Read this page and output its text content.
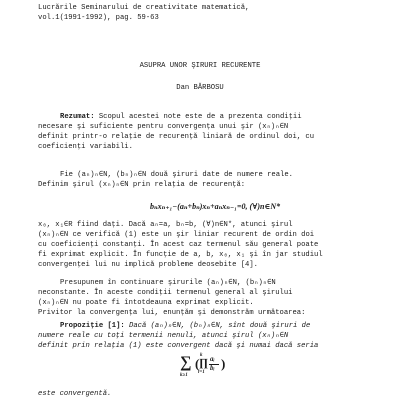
Lucrările Seminarului de creativitate matematică,
vol.1(1991-1992), pag. 59-63
ASUPRA UNOR ŞIRURI RECURENTE
Dan BĂRBOSU
Rezumat: Scopul acestei note este de a prezenta condiţii
necesare şi suficiente pentru convergenţa unui şir (xₙ)ₙ∈N
definit printr-o relaţie de recurenţă liniară de ordinul doi, cu
coeficienţi variabili.
Fie (aₙ)ₙ∈N, (bₙ)ₙ∈N două şiruri date de numere reale.
Definim şirul (xₙ)ₙ∈N prin relaţia de recurenţă:
bₙxₙ₊₁−(aₙ+bₙ)xₙ+aₙxₙ₋₁=0, (∀)n∈N*
x₀, x₁∈R fiind daţi. Dacă aₙ=a, bₙ=b, (∀)n∈N*, atunci şirul
(xₙ)ₙ∈N ce verifică (1) este un şir liniar recurent de ordin doi
cu coeficienţi constanţi. În acest caz termenul său general poate
fi exprimat explicit. În funcţie de a, b, x₀, x₁ şi în jar studiul
convergenţei lui nu implică probleme deosebite [4].
Presupunem în continuare şirurile (aₙ)ₙ∈N, (bₙ)ₙ∈N
neconstante. În aceste condiţii termenul general al şirului
(xₙ)ₙ∈N nu poate fi întotdeauna exprimat explicit.
Privitor la convergenţa lui, enunţăm şi demonstrăm următoarea:
Propoziţie [1]: Dacă (aₙ)ₙ∈N, (bₙ)ₙ∈N, sînt două şiruri de
numere reale cu toţi termenii nenuli, atunci şirul (xₙ)ₙ∈N
definit prin relaţia (1) este convergent dacă şi numai dacă seria
∑
k≥1
(
k
∏
i=1
aᵢ
bᵢ )
este convergentă.
